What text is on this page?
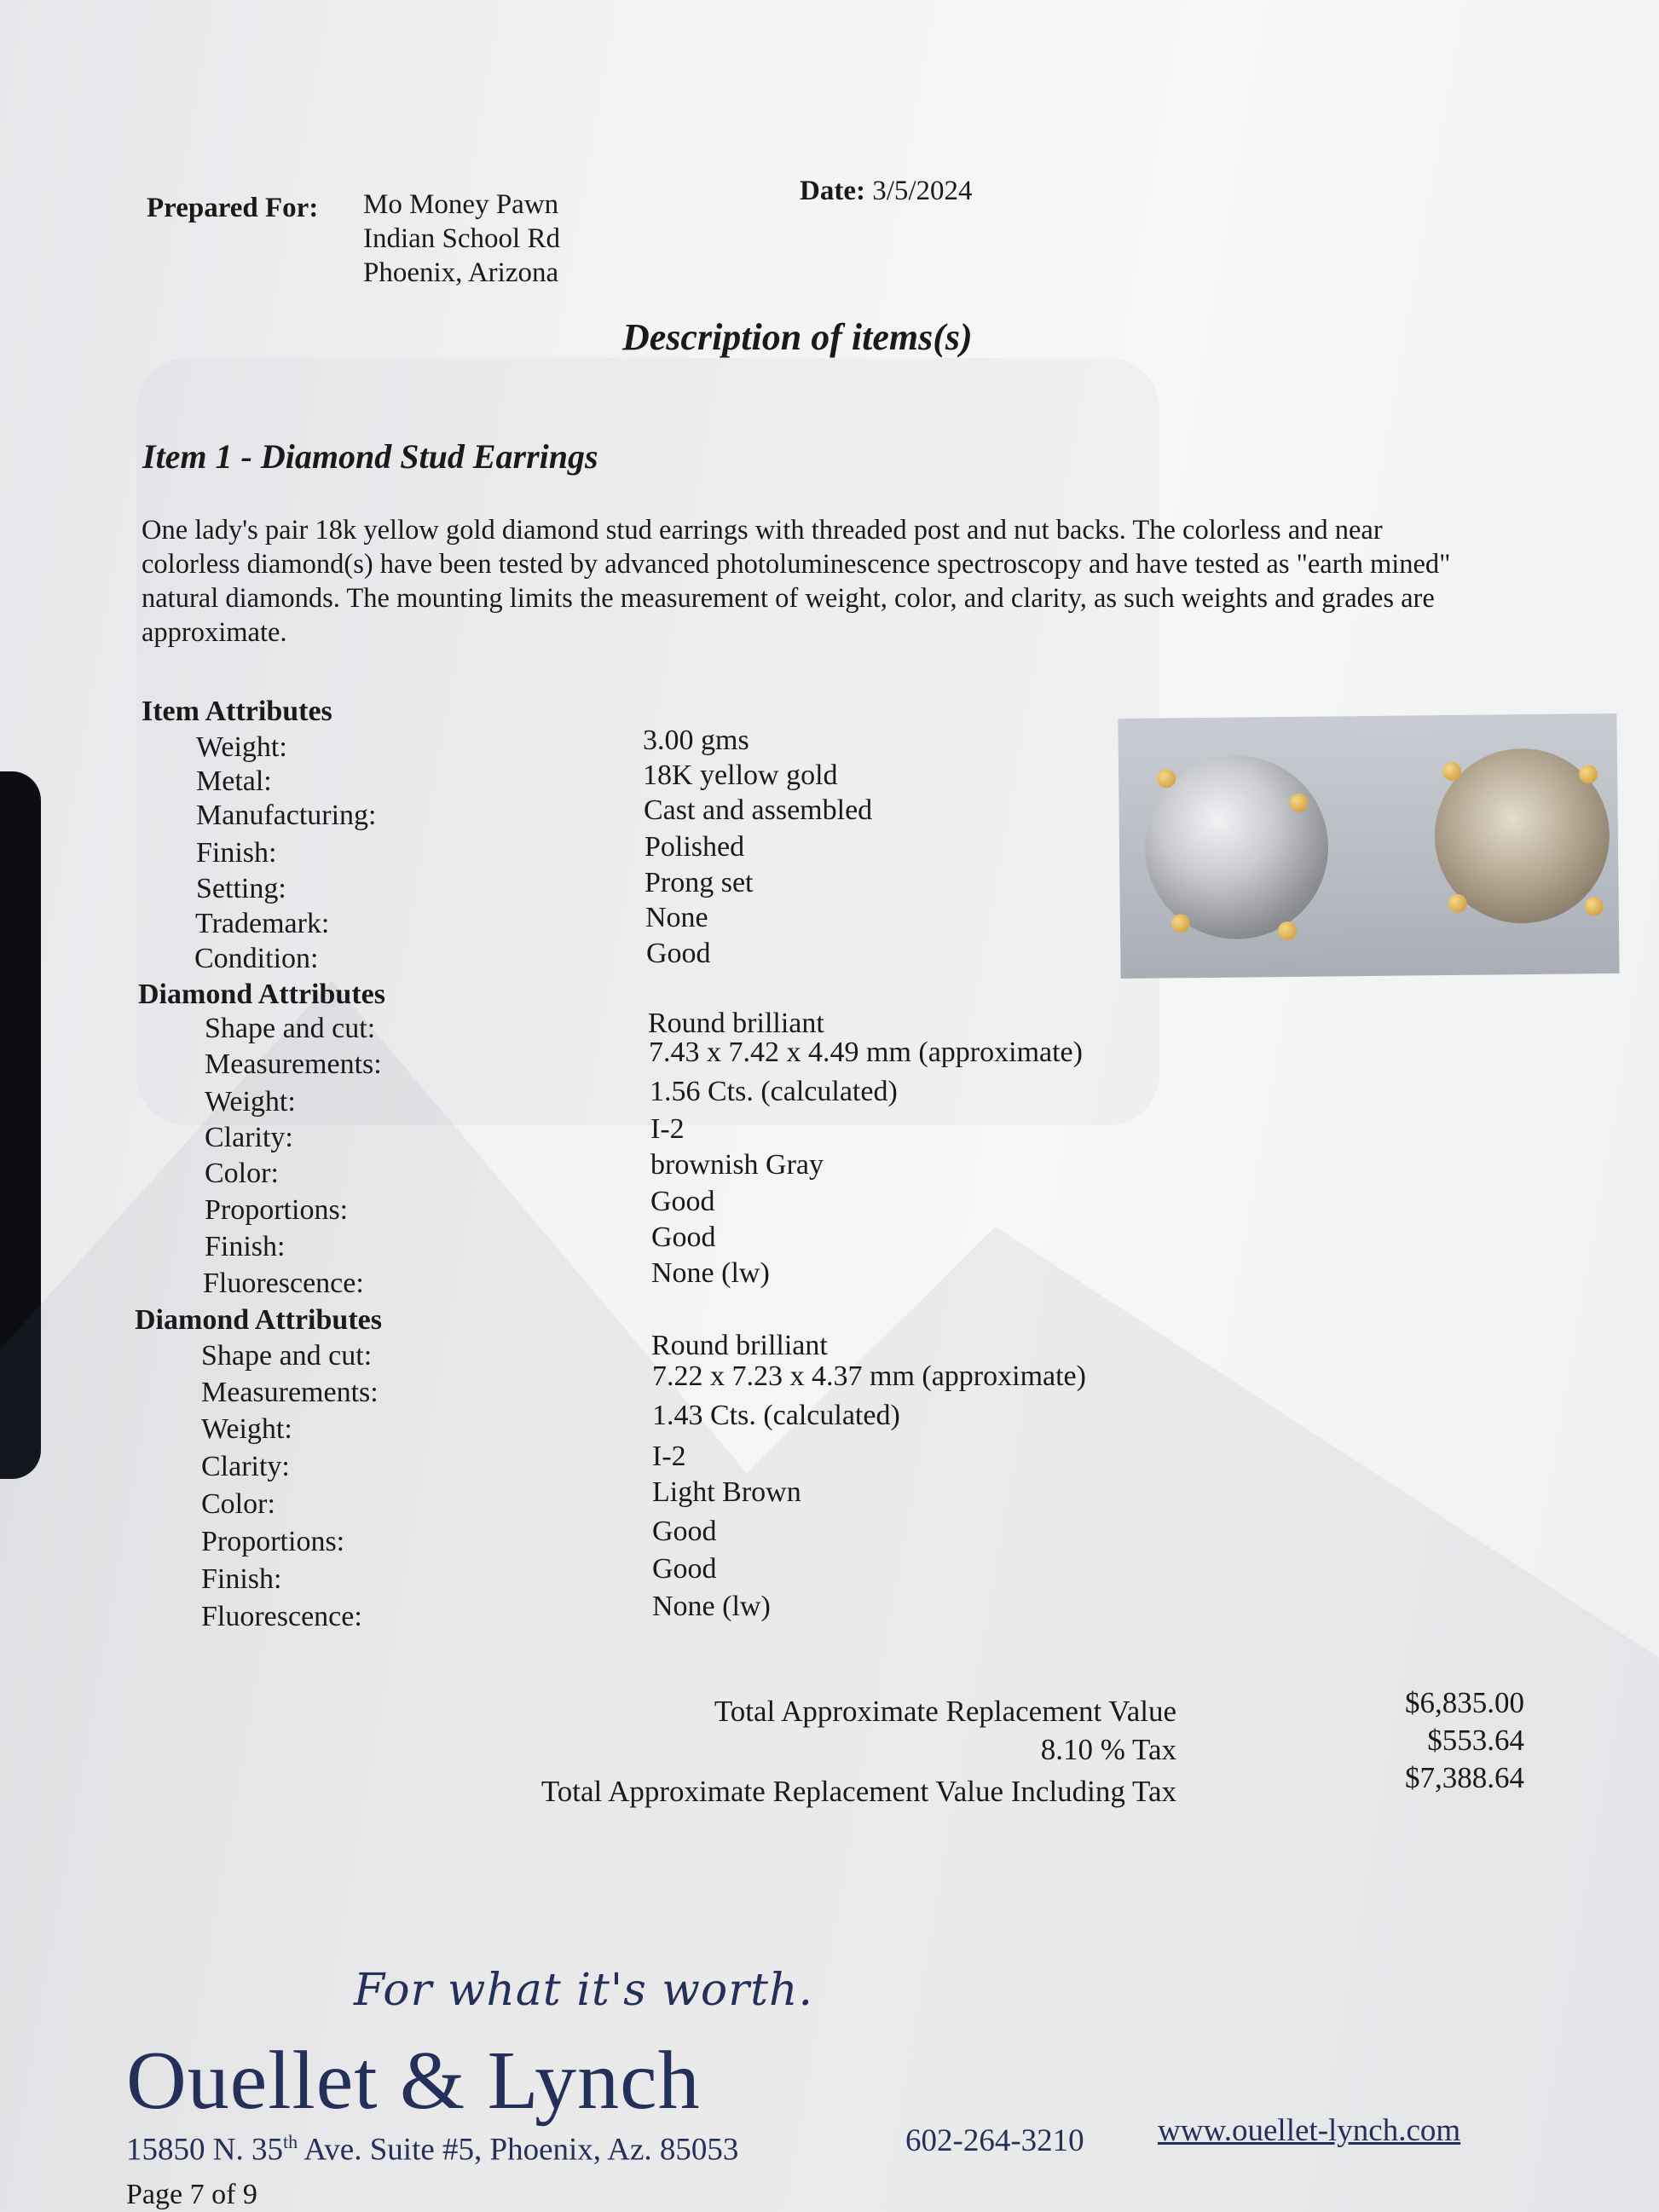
Prepared For: Mo Money Pawn
Indian School Rd
Phoenix, Arizona
Date: 3/5/2024
Description of items(s)
Item 1 - Diamond Stud Earrings
One lady's pair 18k yellow gold diamond stud earrings with threaded post and nut backs. The colorless and near colorless diamond(s) have been tested by advanced photoluminescence spectroscopy and have tested as "earth mined" natural diamonds. The mounting limits the measurement of weight, color, and clarity, as such weights and grades are approximate.
Item Attributes
Weight:	3.00 gms
Metal:	18K yellow gold
Manufacturing:	Cast and assembled
Finish:	Polished
Setting:	Prong set
Trademark:	None
Condition:	Good
Diamond Attributes
Shape and cut:	Round brilliant
Measurements:	7.43 x 7.42 x 4.49 mm (approximate)
Weight:	1.56 Cts. (calculated)
Clarity:	I-2
Color:	brownish Gray
Proportions:	Good
Finish:	Good
Fluorescence:	None (lw)
Diamond Attributes
Shape and cut:	Round brilliant
Measurements:
7.22 x 7.23 x 4.37 mm (approximate)
Weight:	1.43 Cts. (calculated)
Clarity:	I-2
Color:	Light Brown
Proportions:	Good
Finish:	Good
Fluorescence:	None (lw)
Total Approximate Replacement Value	$6,835.00
8.10 % Tax	$553.64
Total Approximate Replacement Value Including Tax	$7,388.64
For what it's worth.
Ouellet & Lynch
15850 N. 35th Ave. Suite #5, Phoenix, Az. 85053	602-264-3210 www.ouellet-lynch.com
Page 7 of 9
